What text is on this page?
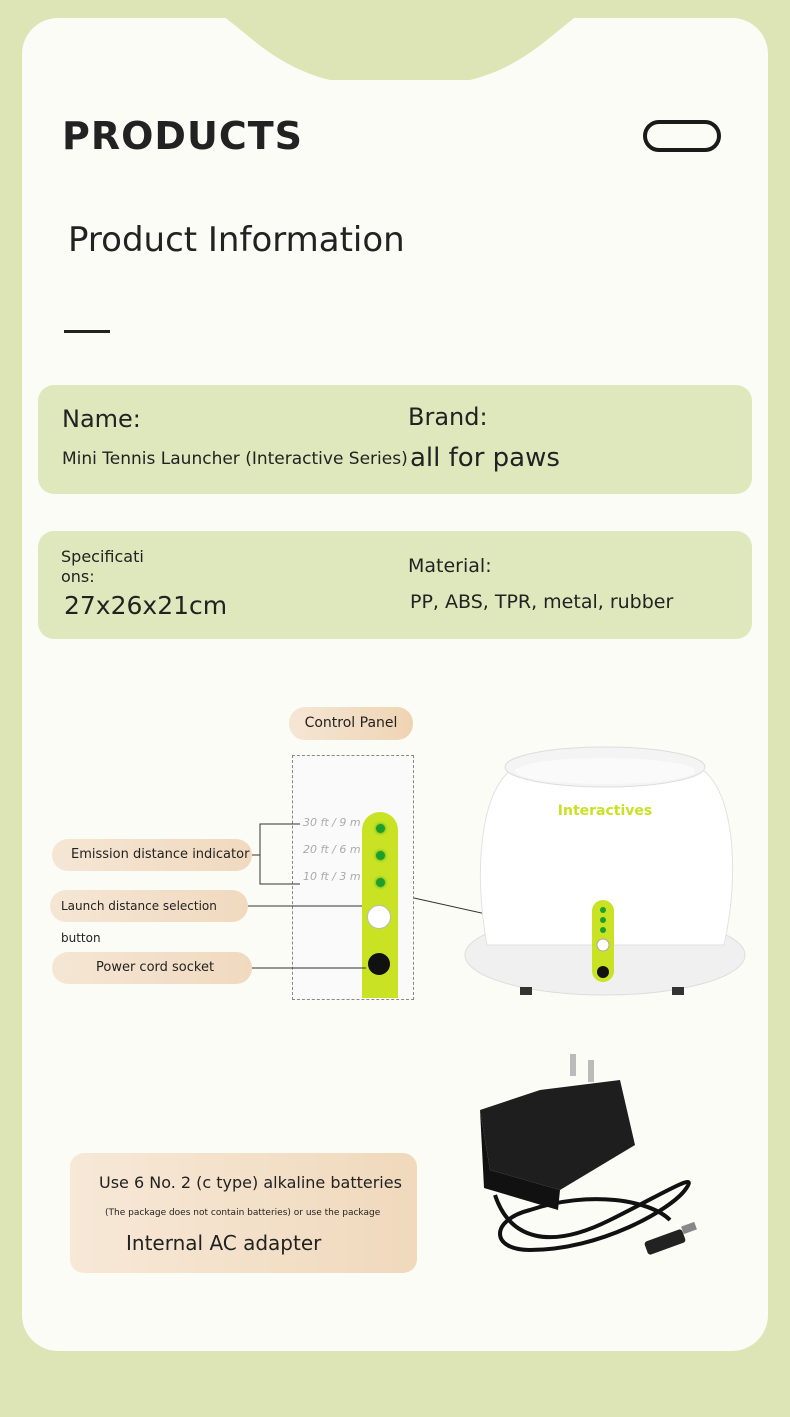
PRODUCTS
Product Information
Name:
Mini Tennis Launcher (Interactive Series)
Brand:
all for paws
Specificati
ons:
27x26x21cm
Material:
PP, ABS, TPR, metal, rubber
Control Panel
30 ft / 9 m
20 ft / 6 m
10 ft / 3 m
Emission distance indicator
Launch distance selection button
Power cord socket
Interactives
Use 6 No. 2 (c type) alkaline batteries
(The package does not contain batteries) or use the package
Internal AC adapter
